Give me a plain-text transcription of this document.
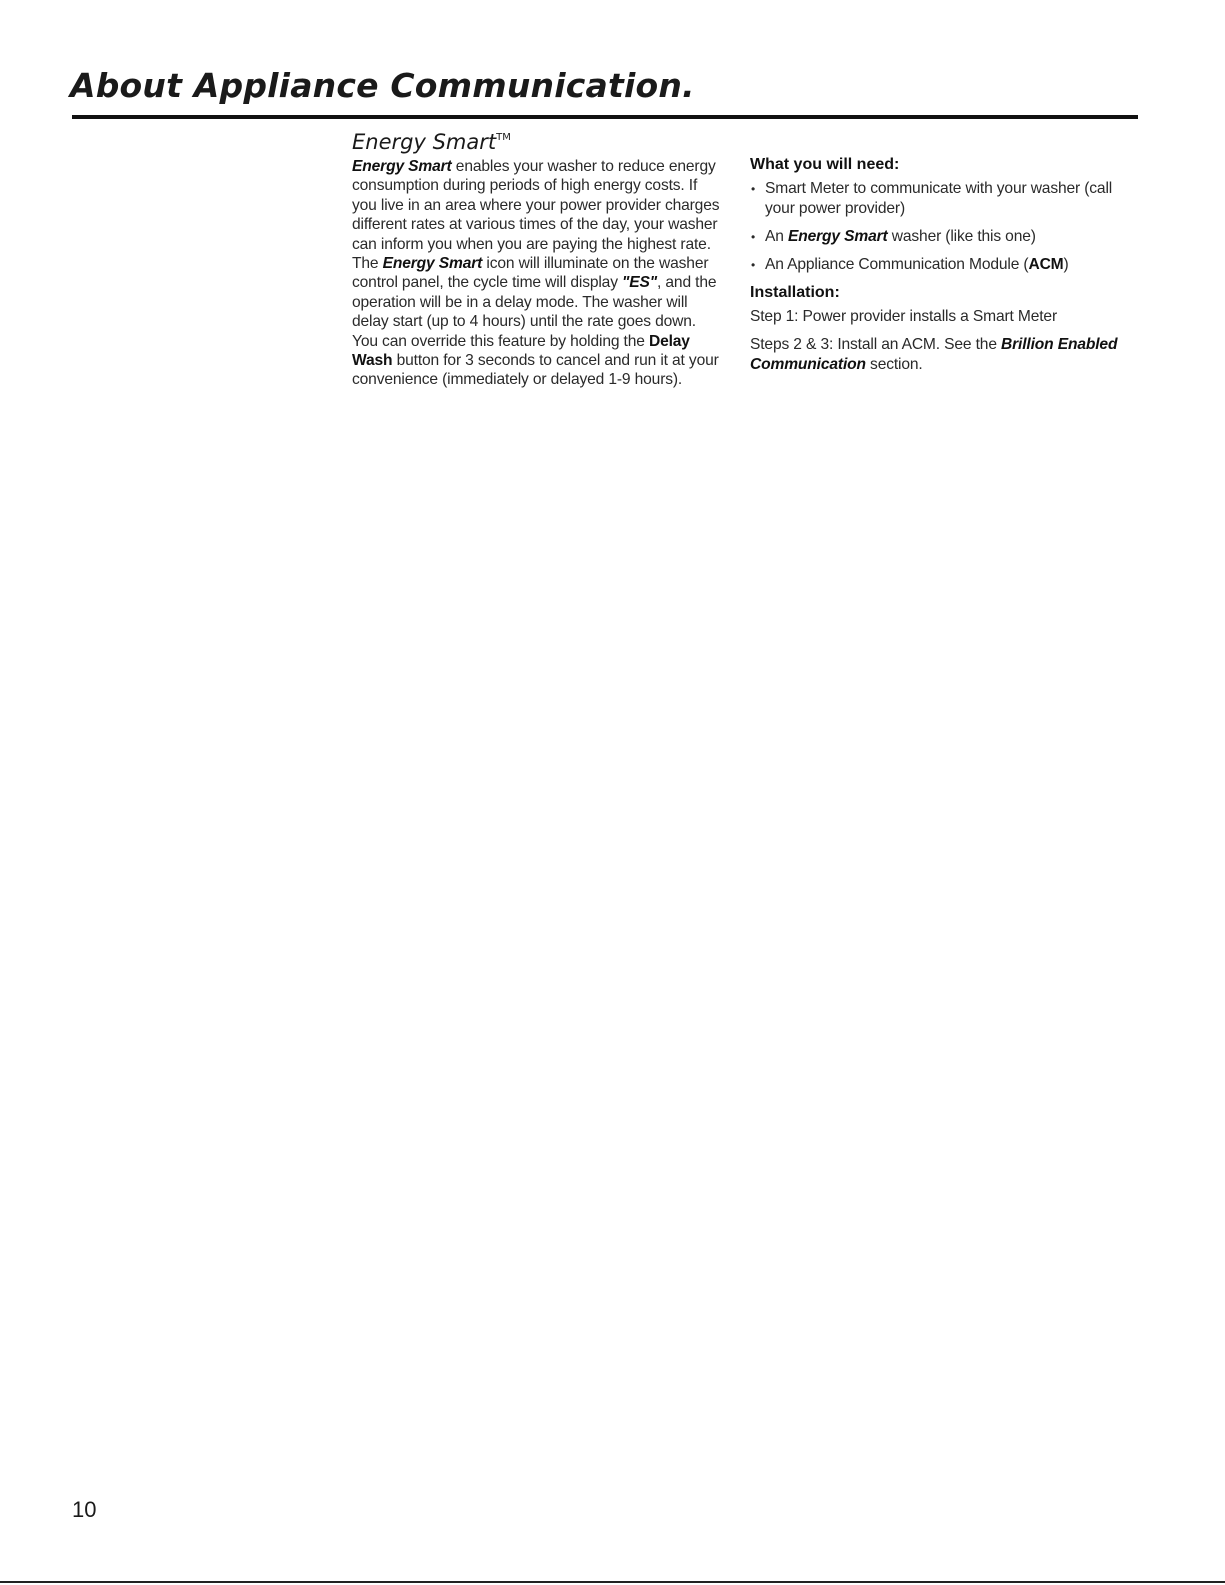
About Appliance Communication.
Energy Smart™

Energy Smart enables your washer to reduce energy consumption during periods of high energy costs. If you live in an area where your power provider charges different rates at various times of the day, your washer can inform you when you are paying the highest rate. The Energy Smart icon will illuminate on the washer control panel, the cycle time will display "ES", and the operation will be in a delay mode. The washer will delay start (up to 4 hours) until the rate goes down. You can override this feature by holding the Delay Wash button for 3 seconds to cancel and run it at your convenience (immediately or delayed 1-9 hours).

What you will need:
• Smart Meter to communicate with your washer (call your power provider)
• An Energy Smart washer (like this one)
• An Appliance Communication Module (ACM)
Installation:

Step 1: Power provider installs a Smart Meter

Steps 2 & 3: Install an ACM. See the Brillion Enabled Communication section.

10
